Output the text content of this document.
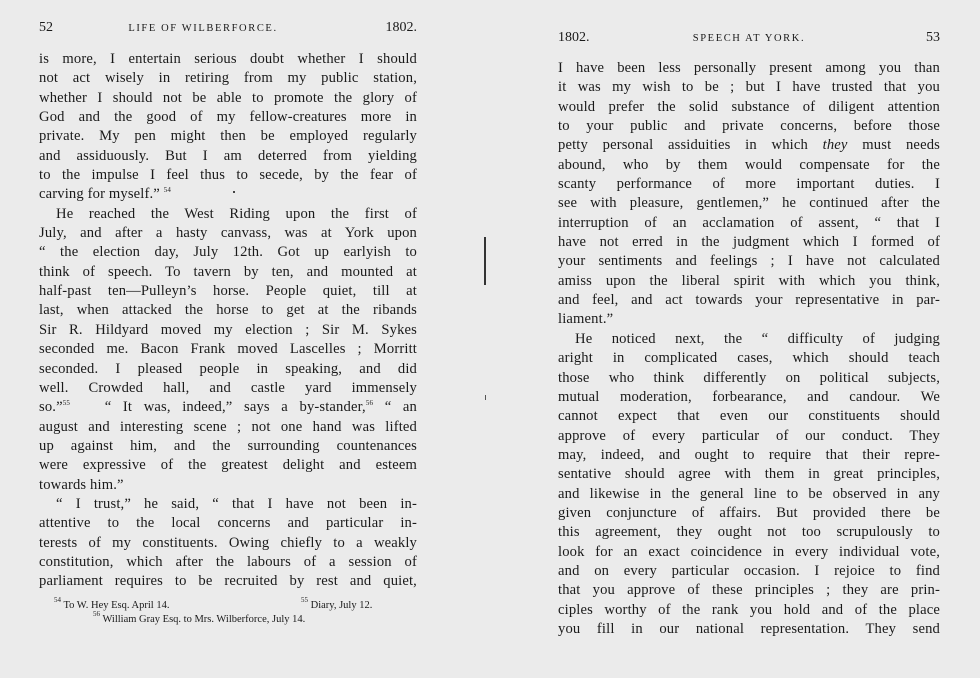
52	LIFE OF WILBERFORCE.	1802.
is more, I entertain serious doubt whether I should
not act wisely in retiring from my public station,
whether I should not be able to promote the glory of
God and the good of my fellow-creatures more in
private. My pen might then be employed regularly
and assiduously. But I am deterred from yielding
to the impulse I feel thus to secede, by the fear of
carving for myself.” $^{54}$
He reached the West Riding upon the first of
July, and after a hasty canvass, was at York upon
“ the election day, July 12th. Got up earlyish to
think of speech. To tavern by ten, and mounted at
half-past ten—Pulleyn’s horse. People quiet, till at
last, when attacked the horse to get at the ribands
Sir R. Hildyard moved my election ; Sir M. Sykes
seconded me. Bacon Frank moved Lascelles ; Morritt
seconded. I pleased people in speaking, and did
well. Crowded hall, and castle yard immensely
so.”$^{55}$ “ It was, indeed,” says a by-stander,$^{56}$ “ an
august and interesting scene ; not one hand was lifted
up against him, and the surrounding countenances
were expressive of the greatest delight and esteem
towards him.”
“ I trust,” he said, “ that I have not been in-
attentive to the local concerns and particular in-
terests of my constituents. Owing chiefly to a weakly
constitution, which after the labours of a session of
parliament requires to be recruited by rest and quiet,
$^{54}$ To W. Hey Esq. April 14.	$^{55}$ Diary, July 12.
$^{56}$ William Gray Esq. to Mrs. Wilberforce, July 14.
1802.	SPEECH AT YORK.	53
I have been less personally present among you than
it was my wish to be ; but I have trusted that you
would prefer the solid substance of diligent attention
to your public and private concerns, before those
petty personal assiduities in which they must needs
abound, who by them would compensate for the
scanty performance of more important duties. I
see with pleasure, gentlemen,” he continued after the
interruption of an acclamation of assent, “ that I
have not erred in the judgment which I formed of
your sentiments and feelings ; I have not calculated
amiss upon the liberal spirit with which you think,
and feel, and act towards your representative in par-
liament.”
He noticed next, the “ difficulty of judging
aright in complicated cases, which should teach
those who think differently on political subjects,
mutual moderation, forbearance, and candour. We
cannot expect that even our constituents should
approve of every particular of our conduct. They
may, indeed, and ought to require that their repre-
sentative should agree with them in great principles,
and likewise in the general line to be observed in any
given conjuncture of affairs. But provided there be
this agreement, they ought not too scrupulously to
look for an exact coincidence in every individual vote,
and on every particular occasion. I rejoice to find
that you approve of these principles ; they are prin-
ciples worthy of the rank you hold and of the place
you fill in our national representation. They send
